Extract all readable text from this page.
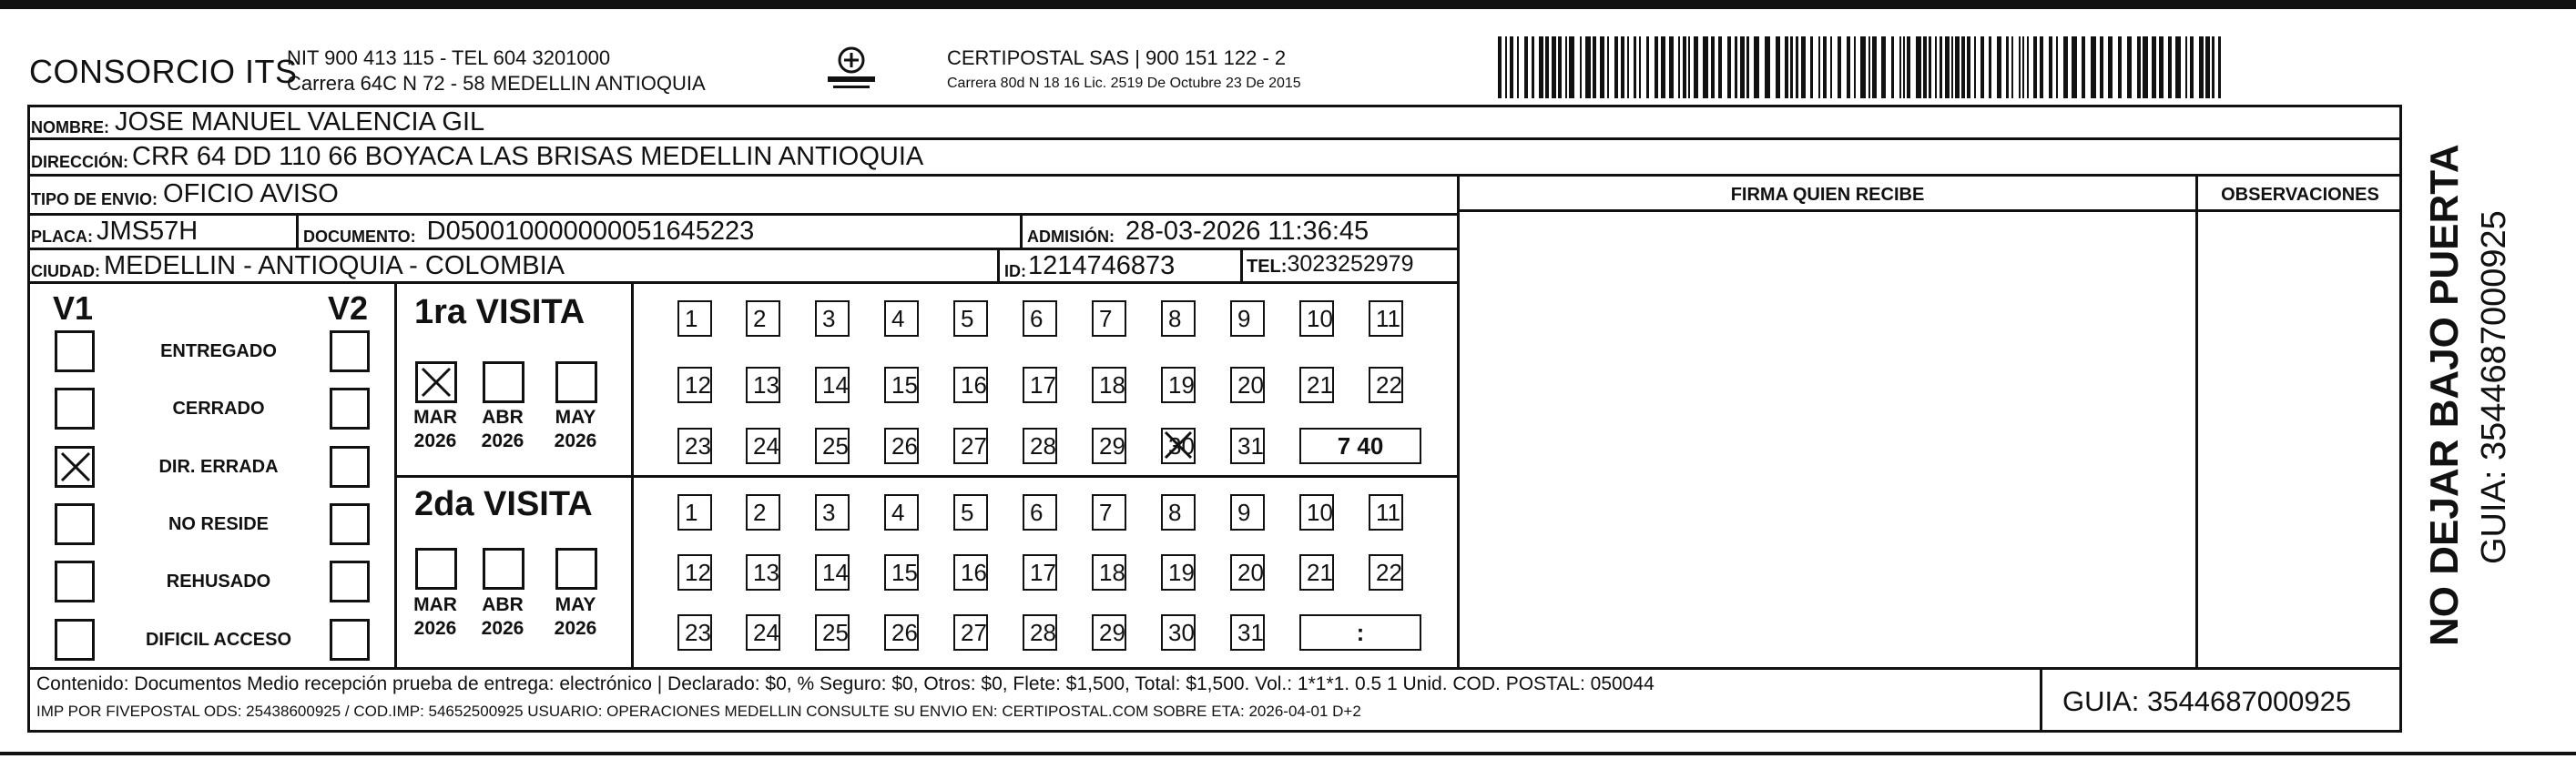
CONSORCIO ITS
NIT 900 413 115 - TEL 604 3201000
Carrera 64C N 72 - 58 MEDELLIN ANTIOQUIA
CERTIPOSTAL SAS | 900 151 122 - 2
Carrera 80d N 18 16 Lic. 2519 De Octubre 23 De 2015
NOMBRE: JOSE MANUEL VALENCIA GIL
DIRECCIÓN: CRR 64 DD 110 66 BOYACA LAS BRISAS MEDELLIN ANTIOQUIA
TIPO DE ENVIO: OFICIO AVISO
PLACA: JMS57H	DOCUMENTO: D050010000000051645223	ADMISIÓN: 28-03-2026 11:36:45
CIUDAD: MEDELLIN - ANTIOQUIA - COLOMBIA	ID: 1214746873	TEL: 3023252979
FIRMA QUIEN RECIBE	OBSERVACIONES
V1	V2
ENTREGADO
CERRADO
DIR. ERRADA
NO RESIDE
REHUSADO
DIFICIL ACCESO
1ra VISITA
2da VISITA
MAR
2026
ABR
2026
MAY
2026
MAR
2026
ABR
2026
MAY
2026
1	2	3	4	5	6	7	8	9	10	11
12	13	14	15	16	17	18	19	20	21	22
23	24	25	26	27	28	29	30	31	7 40
1	2	3	4	5	6	7	8	9	10	11
12	13	14	15	16	17	18	19	20	21	22
23	24	25	26	27	28	29	30	31	:
Contenido: Documentos Medio recepción prueba de entrega: electrónico | Declarado: $0, % Seguro: $0, Otros: $0, Flete: $1,500, Total: $1,500. Vol.: 1*1*1. 0.5 1 Unid. COD. POSTAL: 050044
IMP POR FIVEPOSTAL ODS: 25438600925 / COD.IMP: 54652500925 USUARIO: OPERACIONES MEDELLIN CONSULTE SU ENVIO EN: CERTIPOSTAL.COM SOBRE ETA: 2026-04-01 D+2	GUIA: 3544687000925
NO DEJAR BAJO PUERTA GUIA: 3544687000925
